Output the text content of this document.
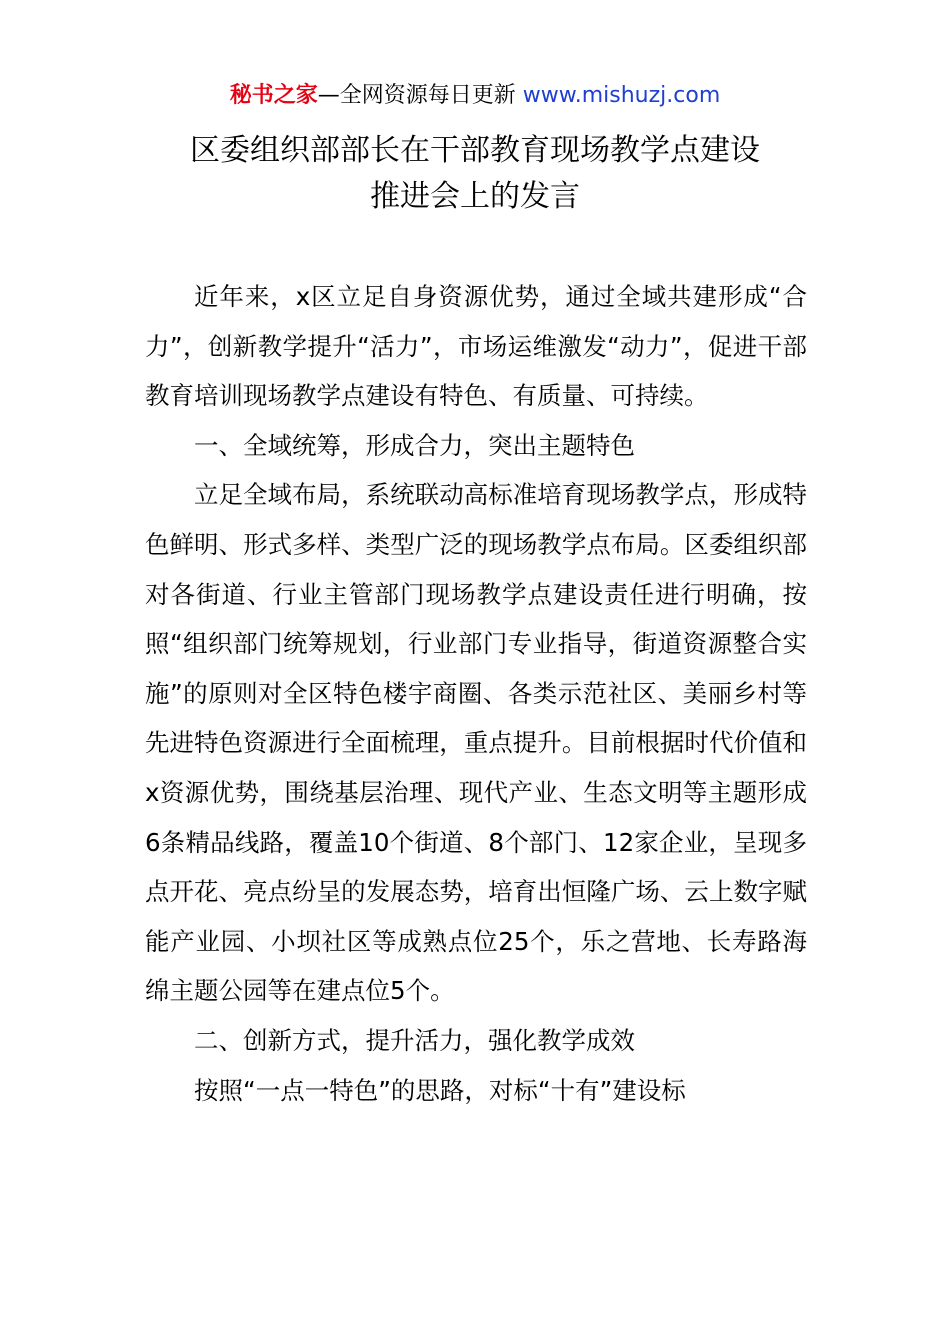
秘书之家—全网资源每日更新 www.mishuzj.com
区委组织部部长在干部教育现场教学点建设
推进会上的发言

近年来，x区立足自身资源优势，通过全域共建形成“合力”，创新教学提升“活力”，市场运维激发“动力”，促进干部教育培训现场教学点建设有特色、有质量、可持续。

一、全域统筹，形成合力，突出主题特色

立足全域布局，系统联动高标准培育现场教学点，形成特色鲜明、形式多样、类型广泛的现场教学点布局。区委组织部对各街道、行业主管部门现场教学点建设责任进行明确，按照“组织部门统筹规划，行业部门专业指导，街道资源整合实施”的原则对全区特色楼宇商圈、各类示范社区、美丽乡村等先进特色资源进行全面梳理，重点提升。目前根据时代价值和x资源优势，围绕基层治理、现代产业、生态文明等主题形成6条精品线路，覆盖10个街道、8个部门、12家企业，呈现多点开花、亮点纷呈的发展态势，培育出恒隆广场、云上数字赋能产业园、小坝社区等成熟点位25个，乐之营地、长寿路海绵主题公园等在建点位5个。

二、创新方式，提升活力，强化教学成效

按照“一点一特色”的思路，对标“十有”建设标
